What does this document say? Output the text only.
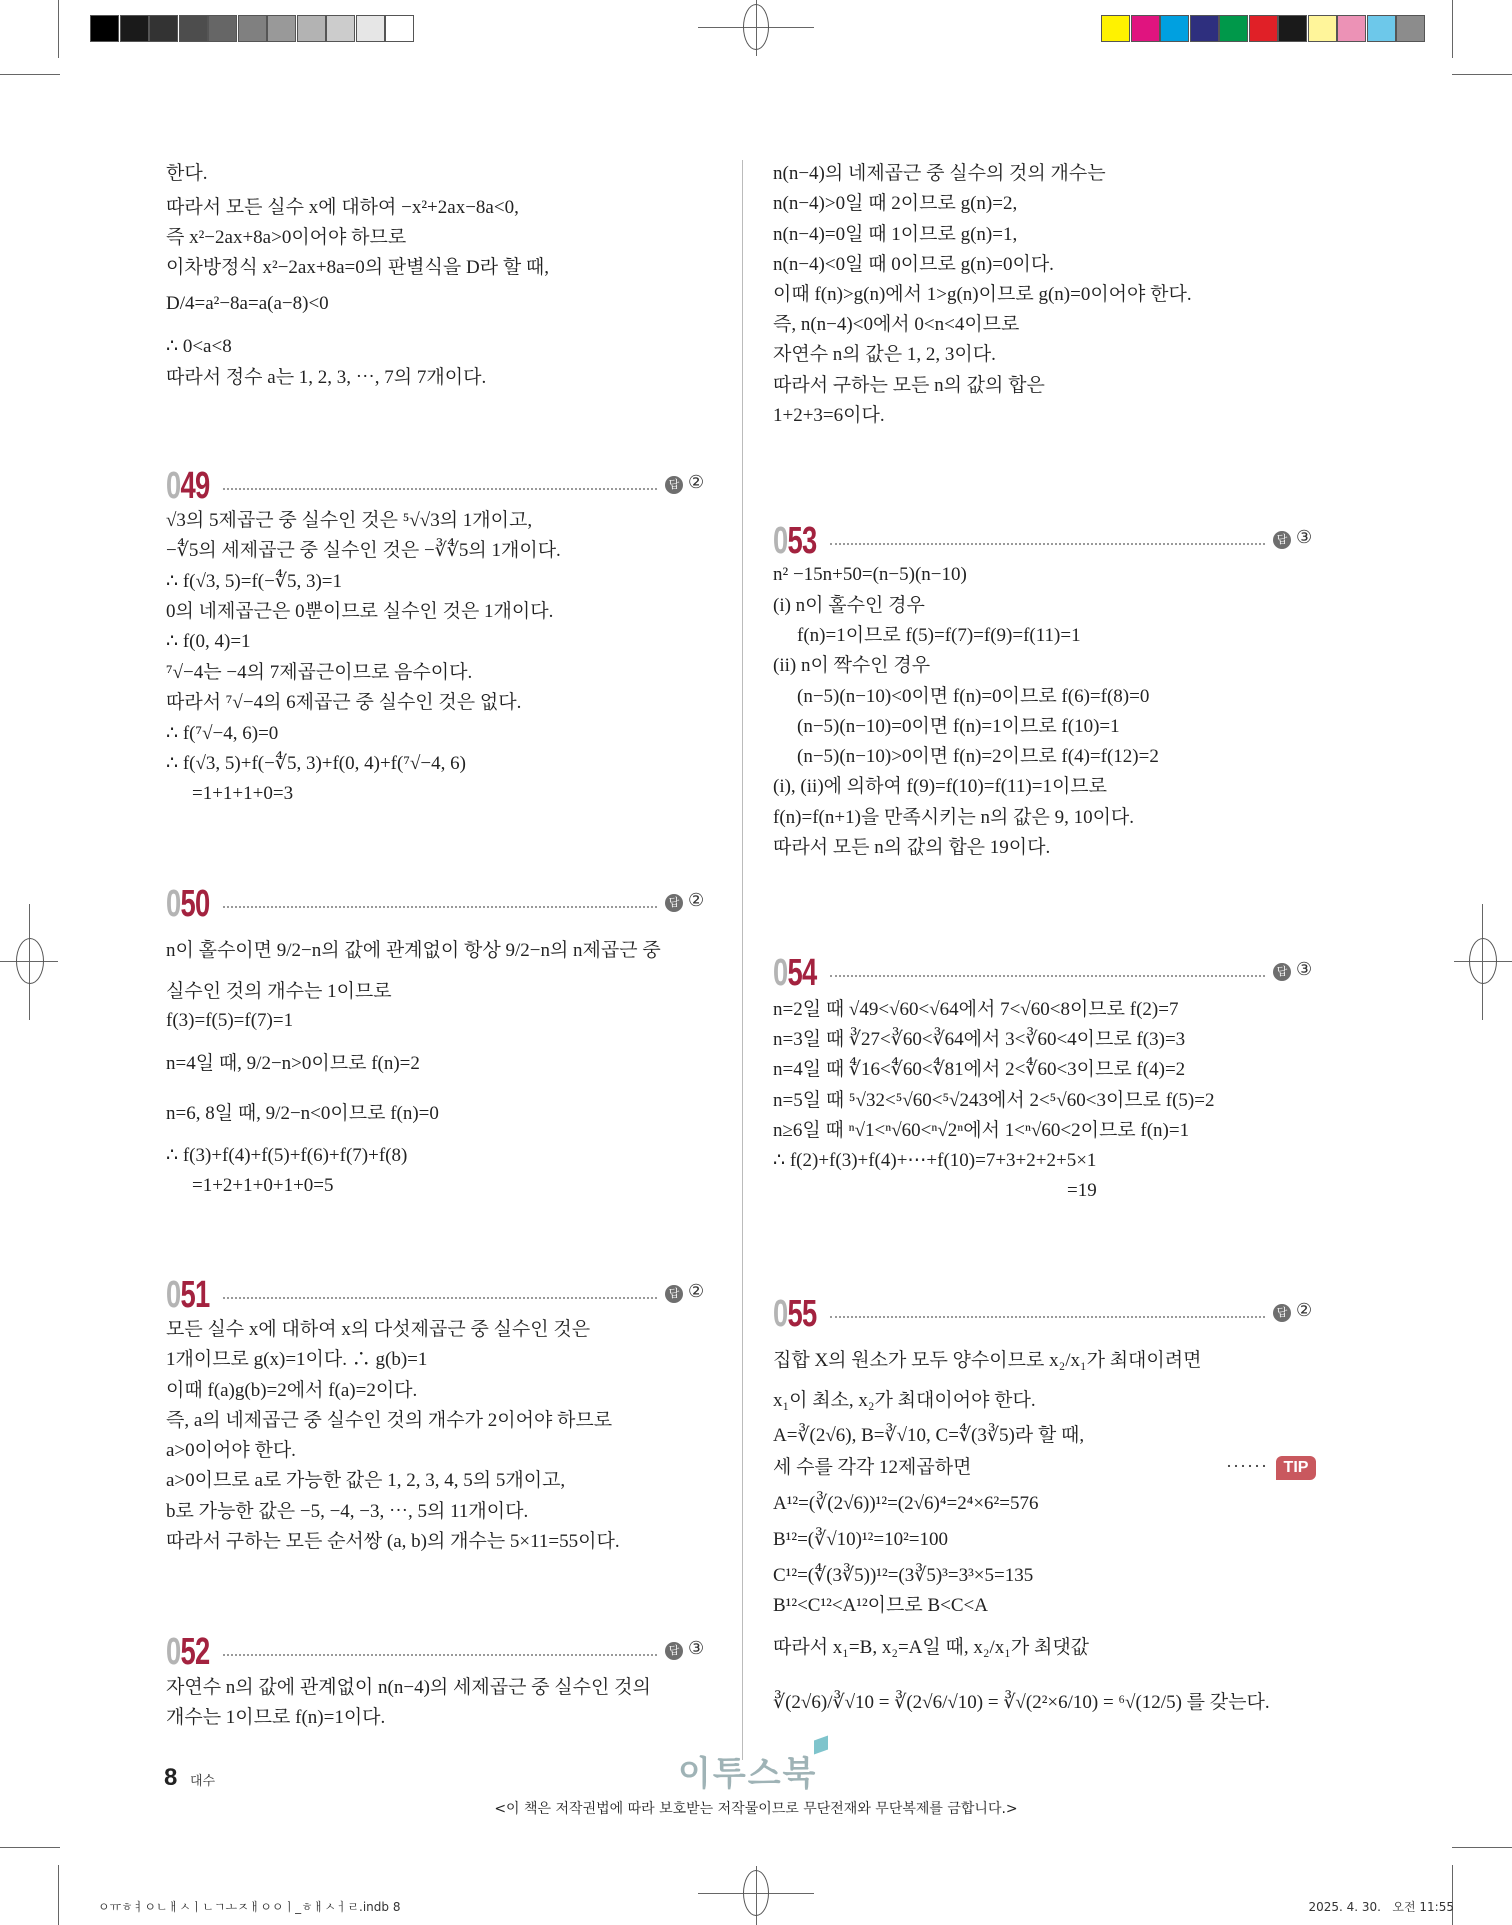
한다.
따라서 모든 실수 x에 대하여 −x²+2ax−8a<0,
즉 x²−2ax+8a>0이어야 하므로
이차방정식 x²−2ax+8a=0의 판별식을 D라 할 때,
D/4=a²−8a=a(a−8)<0
∴ 0<a<8
따라서 정수 a는 1, 2, 3, ⋯, 7의 7개이다.
049	답 ②
√3의 5제곱근 중 실수인 것은 ⁵√√3의 1개이고,
−∜5의 세제곱근 중 실수인 것은 −∛∜5의 1개이다.
∴ f(√3, 5)=f(−∜5, 3)=1
0의 네제곱근은 0뿐이므로 실수인 것은 1개이다.
∴ f(0, 4)=1
⁷√−4는 −4의 7제곱근이므로 음수이다.
따라서 ⁷√−4의 6제곱근 중 실수인 것은 없다.
∴ f(⁷√−4, 6)=0
∴ f(√3, 5)+f(−∜5, 3)+f(0, 4)+f(⁷√−4, 6)
=1+1+1+0=3
050	답 ②
n이 홀수이면 9/2−n의 값에 관계없이 항상 9/2−n의 n제곱근 중
실수인 것의 개수는 1이므로
f(3)=f(5)=f(7)=1
n=4일 때, 9/2−n>0이므로 f(n)=2
n=6, 8일 때, 9/2−n<0이므로 f(n)=0
∴ f(3)+f(4)+f(5)+f(6)+f(7)+f(8)
=1+2+1+0+1+0=5
051	답 ②
모든 실수 x에 대하여 x의 다섯제곱근 중 실수인 것은
1개이므로 g(x)=1이다. ∴ g(b)=1
이때 f(a)g(b)=2에서 f(a)=2이다.
즉, a의 네제곱근 중 실수인 것의 개수가 2이어야 하므로
a>0이어야 한다.
a>0이므로 a로 가능한 값은 1, 2, 3, 4, 5의 5개이고,
b로 가능한 값은 −5, −4, −3, ⋯, 5의 11개이다.
따라서 구하는 모든 순서쌍 (a, b)의 개수는 5×11=55이다.
052	답 ③
자연수 n의 값에 관계없이 n(n−4)의 세제곱근 중 실수인 것의
개수는 1이므로 f(n)=1이다.
n(n−4)의 네제곱근 중 실수의 것의 개수는
n(n−4)>0일 때 2이므로 g(n)=2,
n(n−4)=0일 때 1이므로 g(n)=1,
n(n−4)<0일 때 0이므로 g(n)=0이다.
이때 f(n)>g(n)에서 1>g(n)이므로 g(n)=0이어야 한다.
즉, n(n−4)<0에서 0<n<4이므로
자연수 n의 값은 1, 2, 3이다.
따라서 구하는 모든 n의 값의 합은
1+2+3=6이다.
053	답 ③
n² −15n+50=(n−5)(n−10)
(i) n이 홀수인 경우
f(n)=1이므로 f(5)=f(7)=f(9)=f(11)=1
(ii) n이 짝수인 경우
(n−5)(n−10)<0이면 f(n)=0이므로 f(6)=f(8)=0
(n−5)(n−10)=0이면 f(n)=1이므로 f(10)=1
(n−5)(n−10)>0이면 f(n)=2이므로 f(4)=f(12)=2
(i), (ii)에 의하여 f(9)=f(10)=f(11)=1이므로
f(n)=f(n+1)을 만족시키는 n의 값은 9, 10이다.
따라서 모든 n의 값의 합은 19이다.
054	답 ③
n=2일 때 √49<√60<√64에서 7<√60<8이므로 f(2)=7
n=3일 때 ∛27<∛60<∛64에서 3<∛60<4이므로 f(3)=3
n=4일 때 ∜16<∜60<∜81에서 2<∜60<3이므로 f(4)=2
n=5일 때 ⁵√32<⁵√60<⁵√243에서 2<⁵√60<3이므로 f(5)=2
n≥6일 때 ⁿ√1<ⁿ√60<ⁿ√2ⁿ에서 1<ⁿ√60<2이므로 f(n)=1
∴ f(2)+f(3)+f(4)+⋯+f(10)=7+3+2+2+5×1
=19
055	답 ②
집합 X의 원소가 모두 양수이므로 x₂/x₁가 최대이려면
x₁이 최소, x₂가 최대이어야 한다.
A=∛(2√6), B=∛√10, C=∜(3∛5)라 할 때,
세 수를 각각 12제곱하면
A¹²=(∛(2√6))¹²=(2√6)⁴=2⁴×6²=576
B¹²=(∛√10)¹²=10²=100
C¹²=(∜(3∛5))¹²=(3∛5)³=3³×5=135
B¹²<C¹²<A¹²이므로 B<C<A
따라서 x₁=B, x₂=A일 때, x₂/x₁가 최댓값
∛(2√6)/∛√10 = ∛(2√6/√10) = ∛√(2²×6/10) = ⁶√(12/5) 를 갖는다.
······ TIP
8 대수	이투스북
<이 책은 저작권법에 따라 보호받는 저작물이므로 무단전재와 무단복제를 금합니다.>
ㅇㅠㅎㅕㅇㄴㅐㅅㅣㄴㄱㅗㅈㅐㅇㅇㅣ_ㅎㅐㅅㅓㄹ.indb 8	2025. 4. 30.   오전 11:55
